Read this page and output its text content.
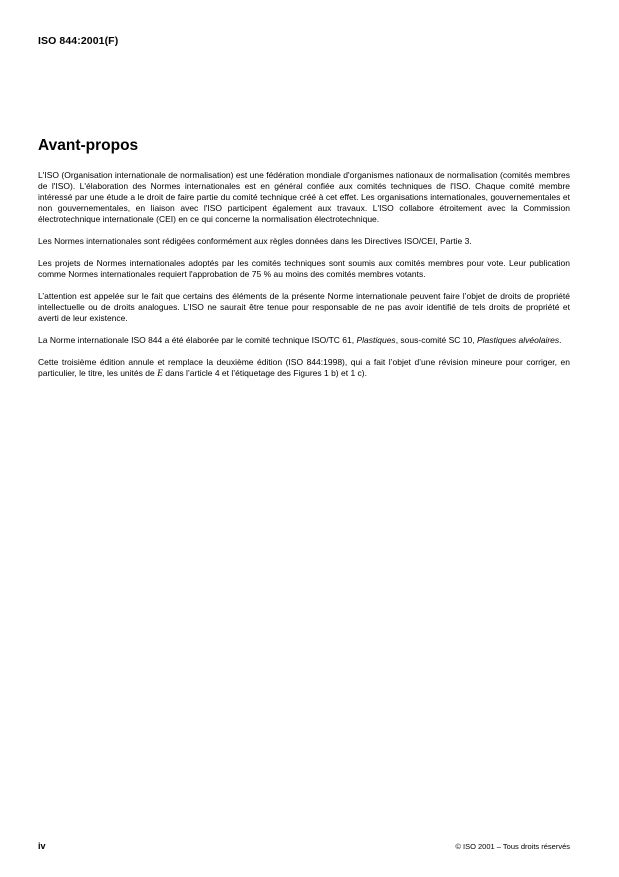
ISO 844:2001(F)
Avant-propos

L'ISO (Organisation internationale de normalisation) est une fédération mondiale d'organismes nationaux de normalisation (comités membres de l'ISO). L'élaboration des Normes internationales est en général confiée aux comités techniques de l'ISO. Chaque comité membre intéressé par une étude a le droit de faire partie du comité technique créé à cet effet. Les organisations internationales, gouvernementales et non gouvernementales, en liaison avec l'ISO participent également aux travaux. L'ISO collabore étroitement avec la Commission électrotechnique internationale (CEI) en ce qui concerne la normalisation électrotechnique.

Les Normes internationales sont rédigées conformément aux règles données dans les Directives ISO/CEI, Partie 3.

Les projets de Normes internationales adoptés par les comités techniques sont soumis aux comités membres pour vote. Leur publication comme Normes internationales requiert l'approbation de 75 % au moins des comités membres votants.

L’attention est appelée sur le fait que certains des éléments de la présente Norme internationale peuvent faire l’objet de droits de propriété intellectuelle ou de droits analogues. L’ISO ne saurait être tenue pour responsable de ne pas avoir identifié de tels droits de propriété et averti de leur existence.

La Norme internationale ISO 844 a été élaborée par le comité technique ISO/TC 61, Plastiques, sous-comité SC 10, Plastiques alvéolaires.

Cette troisième édition annule et remplace la deuxième édition (ISO 844:1998), qui a fait l’objet d’une révision mineure pour corriger, en particulier, le titre, les unités de E dans l’article 4 et l’étiquetage des Figures 1 b) et 1 c).

iv	© ISO 2001 – Tous droits réservés
